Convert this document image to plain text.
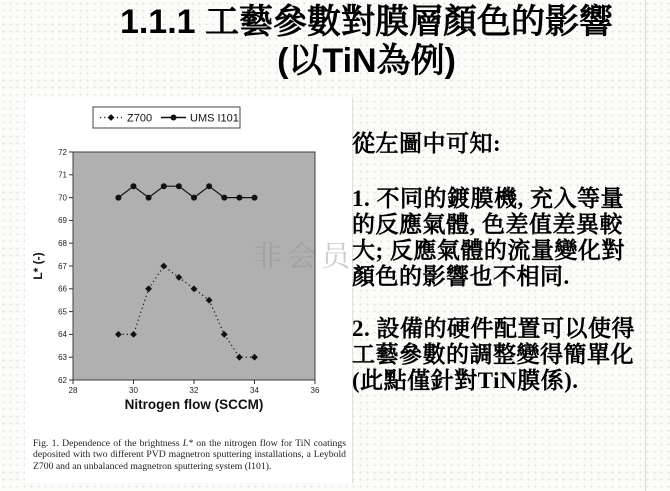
1.1.1 工藝參數對膜層顏色的影響
(以TiN為例)
62
63
64
65
66
67
68
69
70
71
72
28	30	32	34	36
Z700	UMS I101
Nitrogen flow (SCCM)
L* (-)

Fig. 1. Dependence of the brightness L* on the nitrogen flow for TiN coatings deposited with two different PVD magnetron sputtering installations, a Leybold Z700 and an unbalanced magnetron sputtering system (I101).

從左圖中可知:
1. 不同的鍍膜機, 充入等量的反應氣體, 色差值差異較大; 反應氣體的流量變化對顏色的影響也不相同.
2. 設備的硬件配置可以使得工藝參數的調整變得簡單化(此點僅針對TiN膜係).
非会员
